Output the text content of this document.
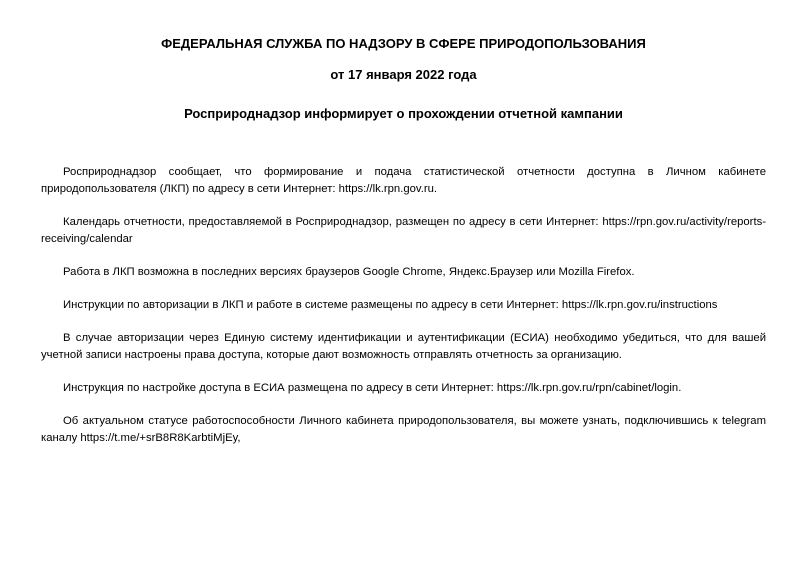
ФЕДЕРАЛЬНАЯ СЛУЖБА ПО НАДЗОРУ В СФЕРЕ ПРИРОДОПОЛЬЗОВАНИЯ

от 17 января 2022 года

Росприроднадзор информирует о прохождении отчетной кампании

Росприроднадзор сообщает, что формирование и подача статистической отчетности доступна в Личном кабинете природопользователя (ЛКП) по адресу в сети Интернет: https://lk.rpn.gov.ru.

Календарь отчетности, предоставляемой в Росприроднадзор, размещен по адресу в сети Интернет: https://rpn.gov.ru/activity/reports-receiving/calendar

Работа в ЛКП возможна в последних версиях браузеров Google Chrome, Яндекс.Браузер или Mozilla Firefox.

Инструкции по авторизации в ЛКП и работе в системе размещены по адресу в сети Интернет: https://lk.rpn.gov.ru/instructions

В случае авторизации через Единую систему идентификации и аутентификации (ЕСИА) необходимо убедиться, что для вашей учетной записи настроены права доступа, которые дают возможность отправлять отчетность за организацию.

Инструкция по настройке доступа в ЕСИА размещена по адресу в сети Интернет: https://lk.rpn.gov.ru/rpn/cabinet/login.

Об актуальном статусе работоспособности Личного кабинета природопользователя, вы можете узнать, подключившись к telegram каналу https://t.me/+srB8R8KarbtiMjEy,
